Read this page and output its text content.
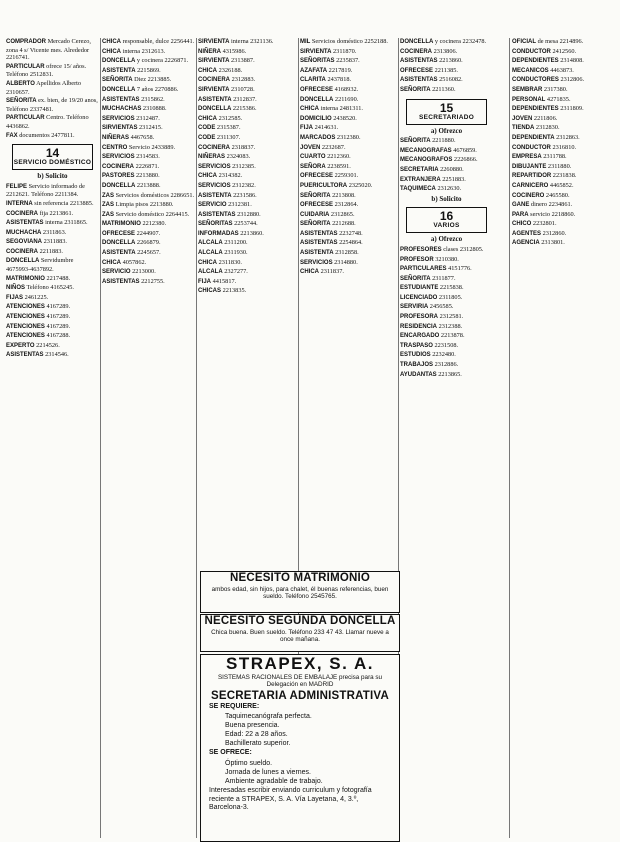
COMPRADOR Mercado Cerezo, zona 4 s/ Vicente mes. Alrededor 2216741.

PARTICULAR ofrece 15/ años. Teléfono 2512831.

ALBERTO Apellidos Alberto 2310657.

SEÑORITA ex. bien, de 19/20 anos, Teléfono 2337481.

PARTICULAR Centro. Teléfono 4436862.

FAX documentos 2477811.

14
SERVICIO DOMÉSTICO
b) Solicito

FELIPE Servicio informado de 2212621. Teléfono 2211384.

INTERNA sin referencia 2213885.

COCINERA fija 2213861.

ASISTENTAS interna 2311865.

MUCHACHA 2311863.

SEGOVIANA 2311883.

COCINERA 2211883.

DONCELLA Servidumbre 4675993-4637892.

MATRIMONIO 2217488.

NIÑOS Teléfono 4165245.

FIJAS 2461225.

ATENCIONES 4167289.

ATENCIONES 4167289.

ATENCIONES 4167289.

ATENCIONES 4167288.

EXPERTO 2214526.

ASISTENTAS 2314546.

CHICA responsable, dulce 2256441.

CHICA interna 2312613.

DONCELLA y cocinera 2226871.

ASISTENTA 2215869.

SEÑORITA Diez 2213885.

DONCELLA 7 años 2270886.

ASISTENTAS 2315862.

MUCHACHAS 2310888.

SERVICIOS 2312487.

SIRVIENTAS 2312415.

NIÑERAS 4467658.

CENTRO Servicio 2433889.

SERVICIOS 2314583.

COCINERA 2226871.

PASTORES 2213880.

DONCELLA 2213888.

ZAS Servicios domésticos 2286651.

ZAS Limpia pisos 2213880.

ZAS Servicio doméstico 2264415.

MATRIMONIO 2212380.

OFRECESE 2244907.

DONCELLA 2266879.

ASISTENTA 2245657.

CHICA 4057862.

SERVICIO 2213000.

ASISTENTAS 2212755.

SIRVIENTA interna 2321136.

NIÑERA 4315986.

SIRVIENTA 2313887.

CHICA 2326188.

COCINERA 2312883.

SIRVIENTA 2310728.

ASISTENTA 2312837.

DONCELLA 2215386.

CHICA 2312585.

CODE 2315387.

CODE 2311307.

COCINERA 2318837.

NIÑERAS 2324083.

SERVICIOS 2312385.

CHICA 2314382.

SERVICIOS 2312382.

ASISTENTA 2231586.

SERVICIO 2312381.

ASISTENTAS 2312880.

SEÑORITAS 2253744.

INFORMADAS 2213860.

ALCALA 2311200.

ALCALA 2311930.

CHICA 2311830.

ALCALA 2327277.

FIJA 4415817.

CHICAS 2213835.

MIL Servicios doméstico 2252188.

SIRVIENTA 2311870.

SEÑORITAS 2235837.

AZAFATA 2217819.

CLARITA 2437818.

OFRECESE 4168932.

DONCELLA 2211690.

CHICA interna 2481311.

DOMICILIO 2438520.

FIJA 2414631.

MARCADOS 2312380.

JOVEN 2232687.

CUARTO 2212360.

SEÑORA 2238591.

OFRECESE 2259301.

PUERICULTORA 2325020.

SEÑORITA 2213808.

OFRECESE 2312864.

CUIDARIA 2312865.

SEÑORITA 2212688.

ASISTENTAS 2232748.

ASISTENTAS 2254864.

ASISTENTA 2312858.

SERVICIOS 2314880.

CHICA 2311837.

DONCELLA y cocinera 2232478.

COCINERA 2313806.

ASISTENTAS 2213860.

OFRECESE 2211385.

ASISTENTAS 2516082.

SEÑORITA 2211360.

15
SECRETARIADO
a) Ofrezco

SEÑORITA 2211880.

MECANOGRAFAS 4676859.

MECANOGRAFOS 2226866.

SECRETARIA 2260880.

EXTRANJERA 2251883.

TAQUIMECA 2312630.

b) Solicito
16
VARIOS
a) Ofrezco

PROFESORES clases 2312805.

PROFESOR 3210380.

PARTICULARES 4151776.

SEÑORITA 2311877.

ESTUDIANTE 2215838.

LICENCIADO 2311805.

SERVIRIA 2456585.

PROFESORA 2312581.

RESIDENCIA 2312388.

ENCARGADO 2213878.

TRASPASO 2231508.

ESTUDIOS 2232480.

TRABAJOS 2312886.

AYUDANTAS 2213865.

OFICIAL de mesa 2214896.

CONDUCTOR 2412560.

DEPENDIENTES 2314808.

MECANICOS 4463873.

CONDUCTORES 2312806.

SEMBRAR 2317380.

PERSONAL 4271835.

DEPENDIENTES 2311809.

JOVEN 2211806.

TIENDA 2312830.

DEPENDIENTA 2312863.

CONDUCTOR 2316810.

EMPRESA 2311788.

DIBUJANTE 2311880.

REPARTIDOR 2231838.

CARNICERO 4465852.

COCINERO 2465580.

GANE dinero 2234861.

PARA servicio 2218860.

CHICO 2232801.

AGENTES 2312860.

AGENCIA 2313801.

NECESITO MATRIMONIO
ambos edad, sin hijos, para chalet, él buenas referencias, buen sueldo. Teléfono 2545765.
NECESITO SEGUNDA DONCELLA
Chica buena. Buen sueldo. Teléfono 233 47 43. Llamar nueve a once mañana.
STRAPEX, S. A.
SISTEMAS RACIONALES DE EMBALAJE precisa para su Delegación en MADRID
SECRETARIA ADMINISTRATIVA
SE REQUIERE:
Taquimecanógrafa perfecta.
Buena presencia.
Edad: 22 a 28 años.
Bachillerato superior.
SE OFRECE:
Óptimo sueldo.
Jornada de lunes a viernes.
Ambiente agradable de trabajo.
Interesadas escribir enviando curriculum y fotografía reciente a STRAPEX, S. A. Vía Layetana, 4, 3.º, Barcelona-3.
